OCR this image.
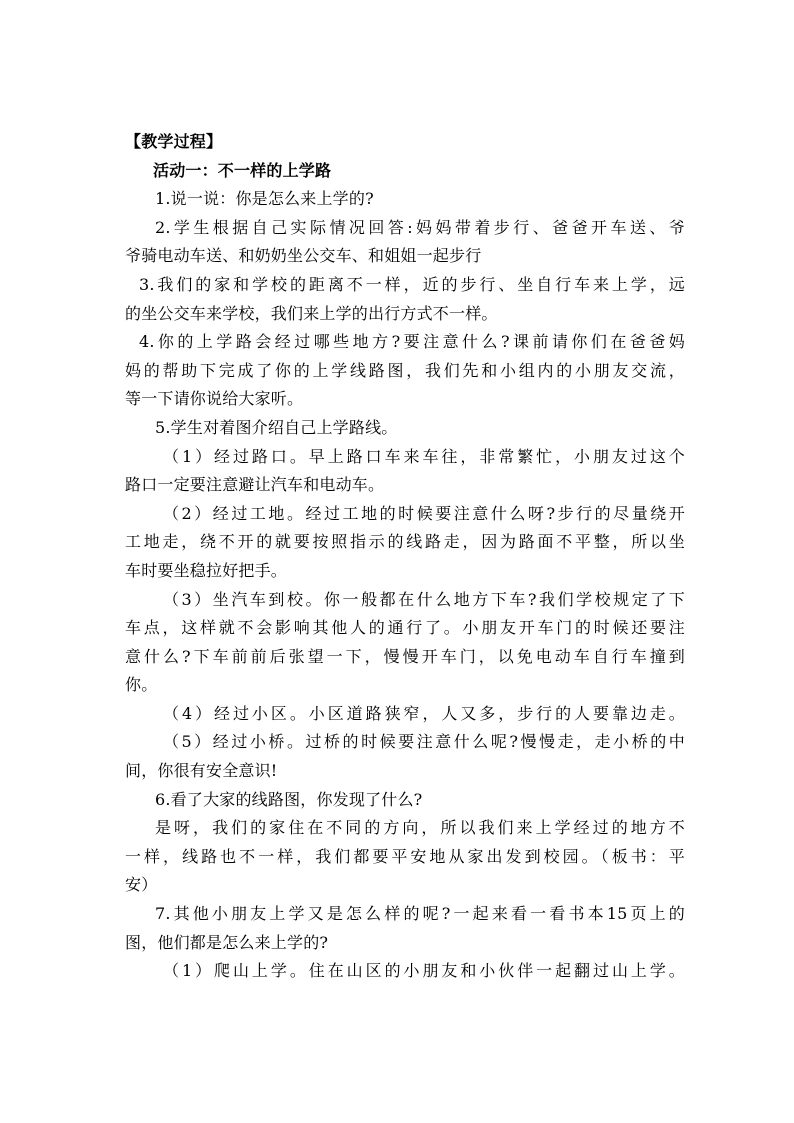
【教学过程】

活动一：不一样的上学路

1.说一说：你是怎么来上学的?

2.学生根据自己实际情况回答:妈妈带着步行、爸爸开车送、爷

爷骑电动车送、和奶奶坐公交车、和姐姐一起步行

3.我们的家和学校的距离不一样，近的步行、坐自行车来上学，远

的坐公交车来学校，我们来上学的出行方式不一样。

4.你的上学路会经过哪些地方?要注意什么?课前请你们在爸爸妈

妈的帮助下完成了你的上学线路图，我们先和小组内的小朋友交流，

等一下请你说给大家听。

5.学生对着图介绍自己上学路线。

（1）经过路口。早上路口车来车往，非常繁忙，小朋友过这个

路口一定要注意避让汽车和电动车。

（2）经过工地。经过工地的时候要注意什么呀?步行的尽量绕开

工地走，绕不开的就要按照指示的线路走，因为路面不平整，所以坐

车时要坐稳拉好把手。

（3）坐汽车到校。你一般都在什么地方下车?我们学校规定了下

车点，这样就不会影响其他人的通行了。小朋友开车门的时候还要注

意什么?下车前前后张望一下，慢慢开车门，以免电动车自行车撞到

你。

（4）经过小区。小区道路狭窄，人又多，步行的人要靠边走。

（5）经过小桥。过桥的时候要注意什么呢?慢慢走，走小桥的中

间，你很有安全意识!

6.看了大家的线路图，你发现了什么?

是呀，我们的家住在不同的方向，所以我们来上学经过的地方不

一样，线路也不一样，我们都要平安地从家出发到校园。（板书：平

安）

7.其他小朋友上学又是怎么样的呢?一起来看一看书本15页上的

图，他们都是怎么来上学的?

（1）爬山上学。住在山区的小朋友和小伙伴一起翻过山上学。
